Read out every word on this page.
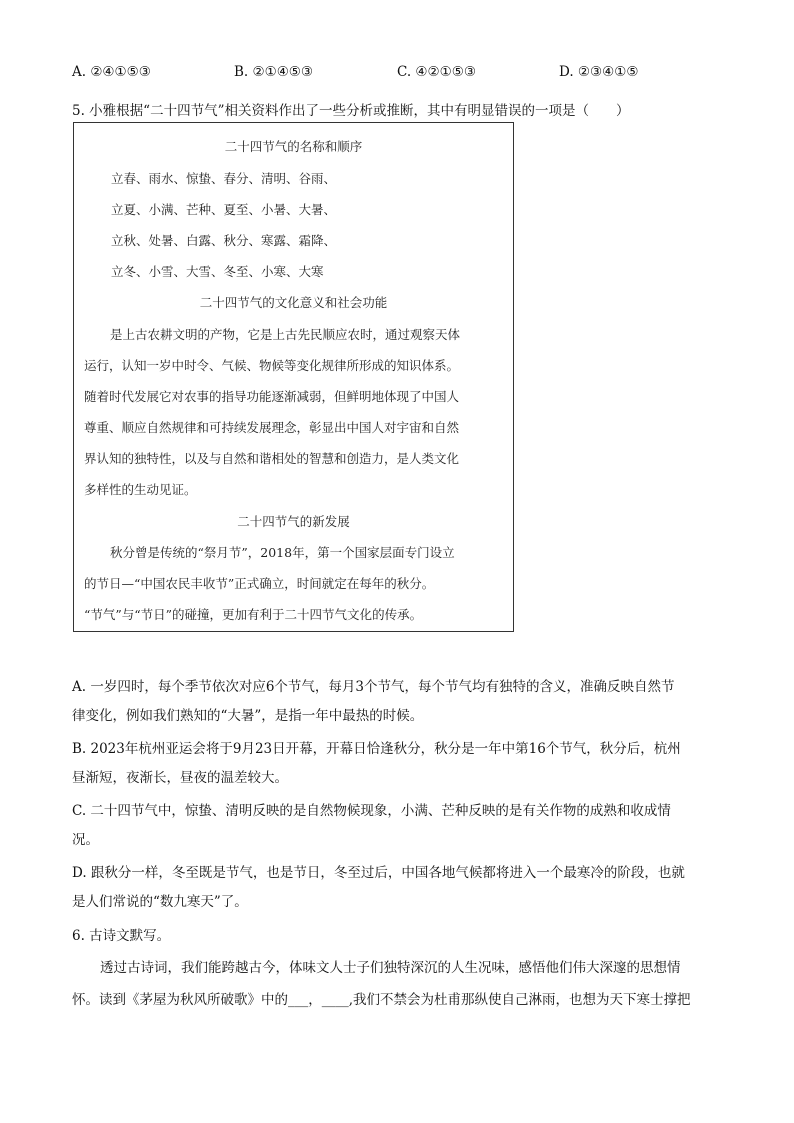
A. ②④①⑤③	B. ②①④⑤③	C. ④②①⑤③	D. ②③④①⑤
5. 小雅根据“二十四节气”相关资料作出了一些分析或推断，其中有明显错误的一项是（　　）
二十四节气的名称和顺序
立春、雨水、惊蛰、春分、清明、谷雨、
立夏、小满、芒种、夏至、小暑、大暑、
立秋、处暑、白露、秋分、寒露、霜降、
立冬、小雪、大雪、冬至、小寒、大寒
二十四节气的文化意义和社会功能
是上古农耕文明的产物，它是上古先民顺应农时，通过观察天体
运行，认知一岁中时令、气候、物候等变化规律所形成的知识体系。
随着时代发展它对农事的指导功能逐渐减弱，但鲜明地体现了中国人
尊重、顺应自然规律和可持续发展理念，彰显出中国人对宇宙和自然
界认知的独特性，以及与自然和谐相处的智慧和创造力，是人类文化
多样性的生动见证。
二十四节气的新发展
秋分曾是传统的“祭月节”，2018年，第一个国家层面专门设立
的节日—“中国农民丰收节”正式确立，时间就定在每年的秋分。
“节气”与“节日”的碰撞，更加有利于二十四节气文化的传承。
A. 一岁四时，每个季节依次对应6个节气，每月3个节气，每个节气均有独特的含义，准确反映自然节
律变化，例如我们熟知的“大暑”，是指一年中最热的时候。
B. 2023年杭州亚运会将于9月23日开幕，开幕日恰逢秋分，秋分是一年中第16个节气，秋分后，杭州
昼渐短，夜渐长，昼夜的温差较大。
C. 二十四节气中，惊蛰、清明反映的是自然物候现象，小满、芒种反映的是有关作物的成熟和收成情
况。
D. 跟秋分一样，冬至既是节气，也是节日，冬至过后，中国各地气候都将进入一个最寒冷的阶段，也就
是人们常说的“数九寒天”了。
6. 古诗文默写。
透过古诗词，我们能跨越古今，体味文人士子们独特深沉的人生况味，感悟他们伟大深邃的思想情
怀。读到《茅屋为秋风所破歌》中的___，____,我们不禁会为杜甫那纵使自己淋雨，也想为天下寒士撑把
